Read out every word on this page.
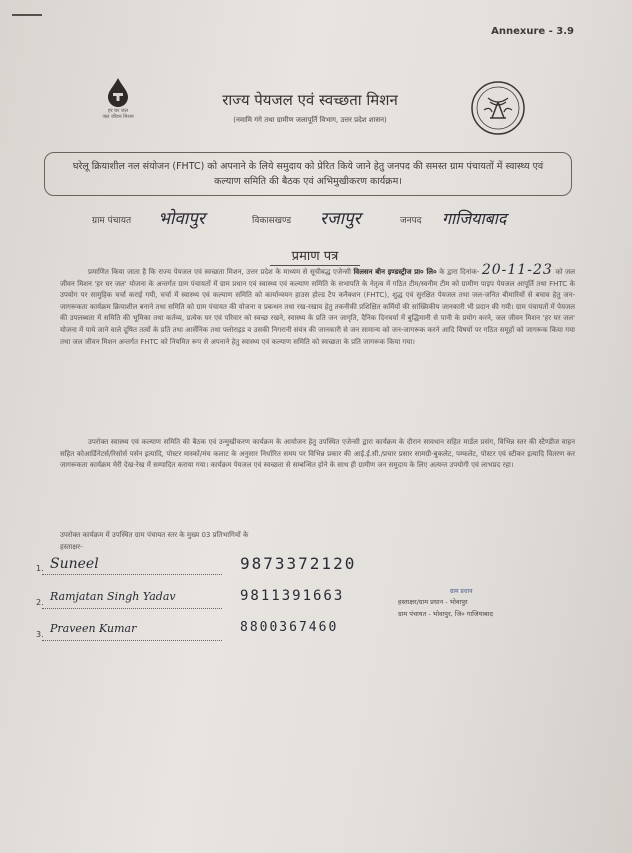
Annexure - 3.9
हर घर जल
जल जीवन मिशन
राज्य पेयजल एवं स्वच्छता मिशन
(नमामि गंगे तथा ग्रामीण जलापूर्ति विभाग, उत्तर प्रदेश शासन)
घरेलू क्रियाशील नल संयोजन (FHTC) को अपनाने के लिये समुदाय को प्रेरित किये जाने हेतु जनपद की समस्त ग्राम पंचायतों में स्वास्थ्य एवं कल्याण समिति की बैठक एवं अभिमुखीकरण कार्यक्रम।
ग्राम पंचायत भोवापुर	विकासखण्ड रजापुर	जनपद गाजियाबाद
प्रमाण पत्र
प्रमाणित किया जाता है कि राज्य पेयजल एवं स्वच्छता मिशन, उत्तर प्रदेश के माध्यम से सूचीबद्ध एजेन्सी विलसन बीन इण्डस्ट्रीज प्रा० लि० के द्वारा दिनांक- 20-11-23 को जल जीवन मिशन 'हर घर जल' योजना के अन्तर्गत ग्राम पंचायतों में ग्राम प्रधान एवं स्वास्थ्य एवं कल्याण समिति के सभापति के नेतृत्व में गठित टीम/स्वनीम टीम को ग्रामीण पाइप पेयजल आपूर्ति तथा FHTC के उपयोग पर सामुहिक चर्चा कराई गयी, चर्चा में स्वास्थ्य एवं कल्याण समिति को कार्यान्वयन हाउस होल्ड टैप कनैक्शन (FHTC), शुद्ध एवं सुरक्षित पेयजल तथा जल-जनित बीमारियों से बचाव हेतु जन-जागरूकता कार्यक्रम क्रियाशील बनाने तथा समिति को ग्राम पंचायत की योजना व प्रबन्धन तथा रख-रखाव हेतु तकनीकी प्रशिक्षित कर्मियों की सांख्यिकीय जानकारी भी प्रदान की गयी। ग्राम पंचायतों में पेयजल की उपलब्धता में समिति की भूमिका तथा कर्तव्य, प्रत्येक घर एवं परिवार को स्वच्छ रखने, स्वास्थ्य के प्रति जन जागृति, दैनिक दिनचर्या में बुद्धिमानी से पानी के प्रयोग करने, जल जीवन मिशन 'हर घर जल' योजना में पाये जाने वाले दूषित तत्वों के प्रति तथा आर्सेनिक तथा फ्लोराइड व उसकी निगरानी संयंत्र की जानकारी से जन सामान्य को जन-जागरूक करने आदि विषयों पर गठित समूहों को जागरूक किया गया तथा जल जीवन मिशन अन्तर्गत FHTC को नियमित रूप से अपनाने हेतु स्वास्थ्य एवं कल्याण समिति को स्वच्छता के प्रति जागरूक किया गया।
उपरोक्त स्वास्थ्य एवं कल्याण समिति की बैठक एवं उन्मुखीकरण कार्यक्रम के आयोजन हेतु उपस्थित एजेन्सी द्वारा कार्यक्रम के दौरान सावधान सहित मार्डल प्रसंग, विभिन्न स्तर की स्टैण्डीज वाहन सहित कोआर्डिनेटर्स/रिसोर्स पर्सन इत्यादि, पोस्टर मास्कों/मंच कलाट के अनुसार निर्धारित समय पर विभिन्न प्रकार की आई.ई.सी./प्रचार प्रसार सामग्री-बुकलेट, पम्फलेट, पोस्टर एवं स्टीकर इत्यादि वितरण कर जागरूकता कार्यक्रम मेरी देख-रेख में सम्पादित कराया गया। कार्यक्रम पेयजल एवं स्वच्छता से सम्बन्धित होने के साथ ही ग्रामीण जन समुदाय के लिए अत्यन्त उपयोगी एवं लाभप्रद रहा।
उपरोक्त कार्यक्रम में उपस्थित ग्राम पंचायत स्तर के मुख्य 03 प्रतिभागियों के
हस्ताक्षर-
1. Suneel	9873372120
2. Ramjatan Singh Yadav	9811391663
3. Praveen Kumar	8800367460
ग्राम प्रधान
हस्ताक्षर/ग्राम प्रधान - भोवापुर
ग्राम पंचायत - भोवापुर, जि० गाजियाबाद
